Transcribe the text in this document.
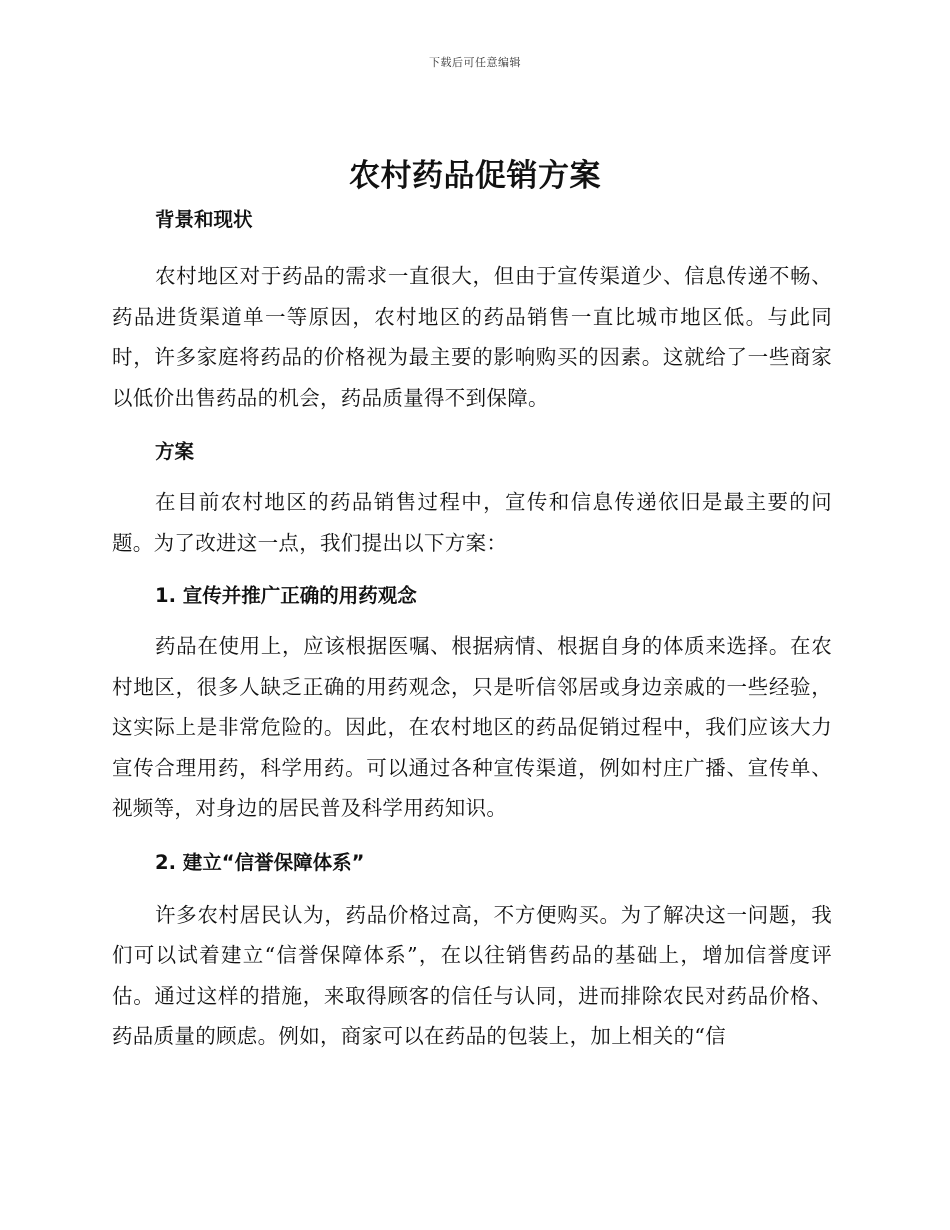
下载后可任意编辑
农村药品促销方案
背景和现状

农村地区对于药品的需求一直很大，但由于宣传渠道少、信息传递不畅、药品进货渠道单一等原因，农村地区的药品销售一直比城市地区低。与此同时，许多家庭将药品的价格视为最主要的影响购买的因素。这就给了一些商家以低价出售药品的机会，药品质量得不到保障。

方案

在目前农村地区的药品销售过程中，宣传和信息传递依旧是最主要的问题。为了改进这一点，我们提出以下方案：

1. 宣传并推广正确的用药观念

药品在使用上，应该根据医嘱、根据病情、根据自身的体质来选择。在农村地区，很多人缺乏正确的用药观念，只是听信邻居或身边亲戚的一些经验，这实际上是非常危险的。因此，在农村地区的药品促销过程中，我们应该大力宣传合理用药，科学用药。可以通过各种宣传渠道，例如村庄广播、宣传单、视频等，对身边的居民普及科学用药知识。

2. 建立“信誉保障体系”

许多农村居民认为，药品价格过高，不方便购买。为了解决这一问题，我们可以试着建立“信誉保障体系”，在以往销售药品的基础上，增加信誉度评估。通过这样的措施，来取得顾客的信任与认同，进而排除农民对药品价格、药品质量的顾虑。例如，商家可以在药品的包装上，加上相关的“信
